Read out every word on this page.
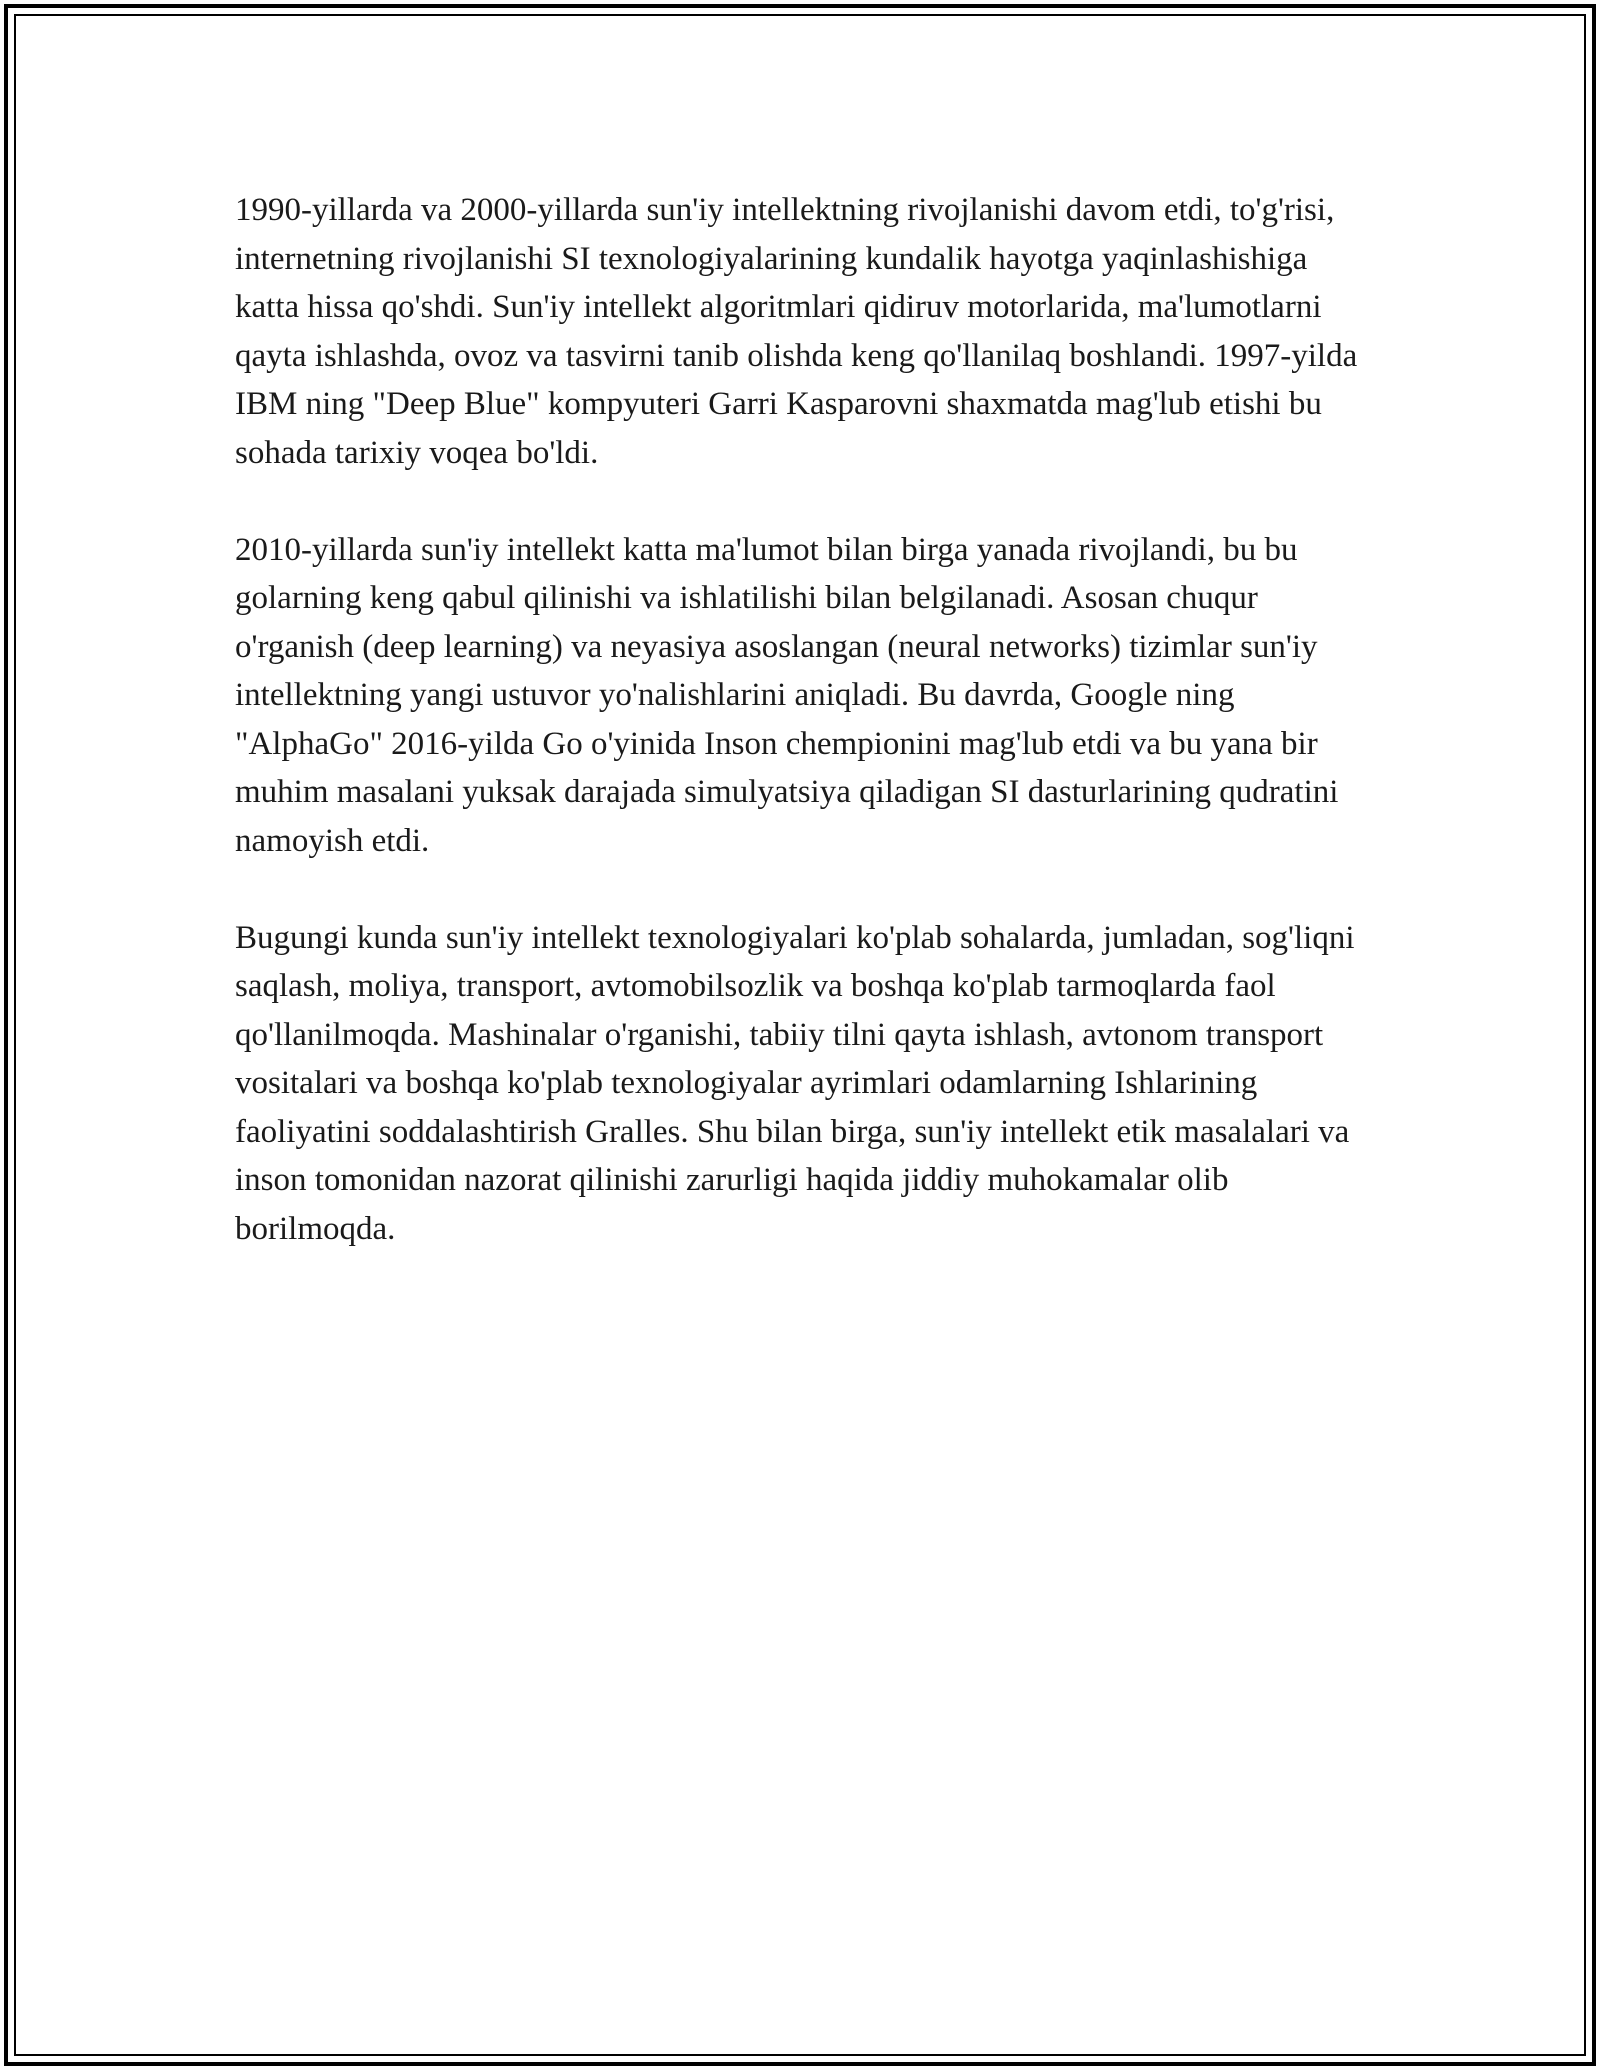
1990-yillarda va 2000-yillarda sun'iy intellektning rivojlanishi davom etdi, to'g'risi, internetning rivojlanishi SI texnologiyalarining kundalik hayotga yaqinlashishiga katta hissa qo'shdi. Sun'iy intellekt algoritmlari qidiruv motorlarida, ma'lumotlarni qayta ishlashda, ovoz va tasvirni tanib olishda keng qo'llanilaq boshlandi. 1997-yilda IBM ning "Deep Blue" kompyuteri Garri Kasparovni shaxmatda mag'lub etishi bu sohada tarixiy voqea bo'ldi.

2010-yillarda sun'iy intellekt katta ma'lumot bilan birga yanada rivojlandi, bu bu golarning keng qabul qilinishi va ishlatilishi bilan belgilanadi. Asosan chuqur o'rganish (deep learning) va neyasiya asoslangan (neural networks) tizimlar sun'iy intellektning yangi ustuvor yo'nalishlarini aniqladi. Bu davrda, Google ning "AlphaGo" 2016-yilda Go o'yinida Inson chempionini mag'lub etdi va bu yana bir muhim masalani yuksak darajada simulyatsiya qiladigan SI dasturlarining qudratini namoyish etdi.

Bugungi kunda sun'iy intellekt texnologiyalari ko'plab sohalarda, jumladan, sog'liqni saqlash, moliya, transport, avtomobilsozlik va boshqa ko'plab tarmoqlarda faol qo'llanilmoqda. Mashinalar o'rganishi, tabiiy tilni qayta ishlash, avtonom transport vositalari va boshqa ko'plab texnologiyalar ayrimlari odamlarning Ishlarining faoliyatini soddalashtirish Gralles. Shu bilan birga, sun'iy intellekt etik masalalari va inson tomonidan nazorat qilinishi zarurligi haqida jiddiy muhokamalar olib borilmoqda.
